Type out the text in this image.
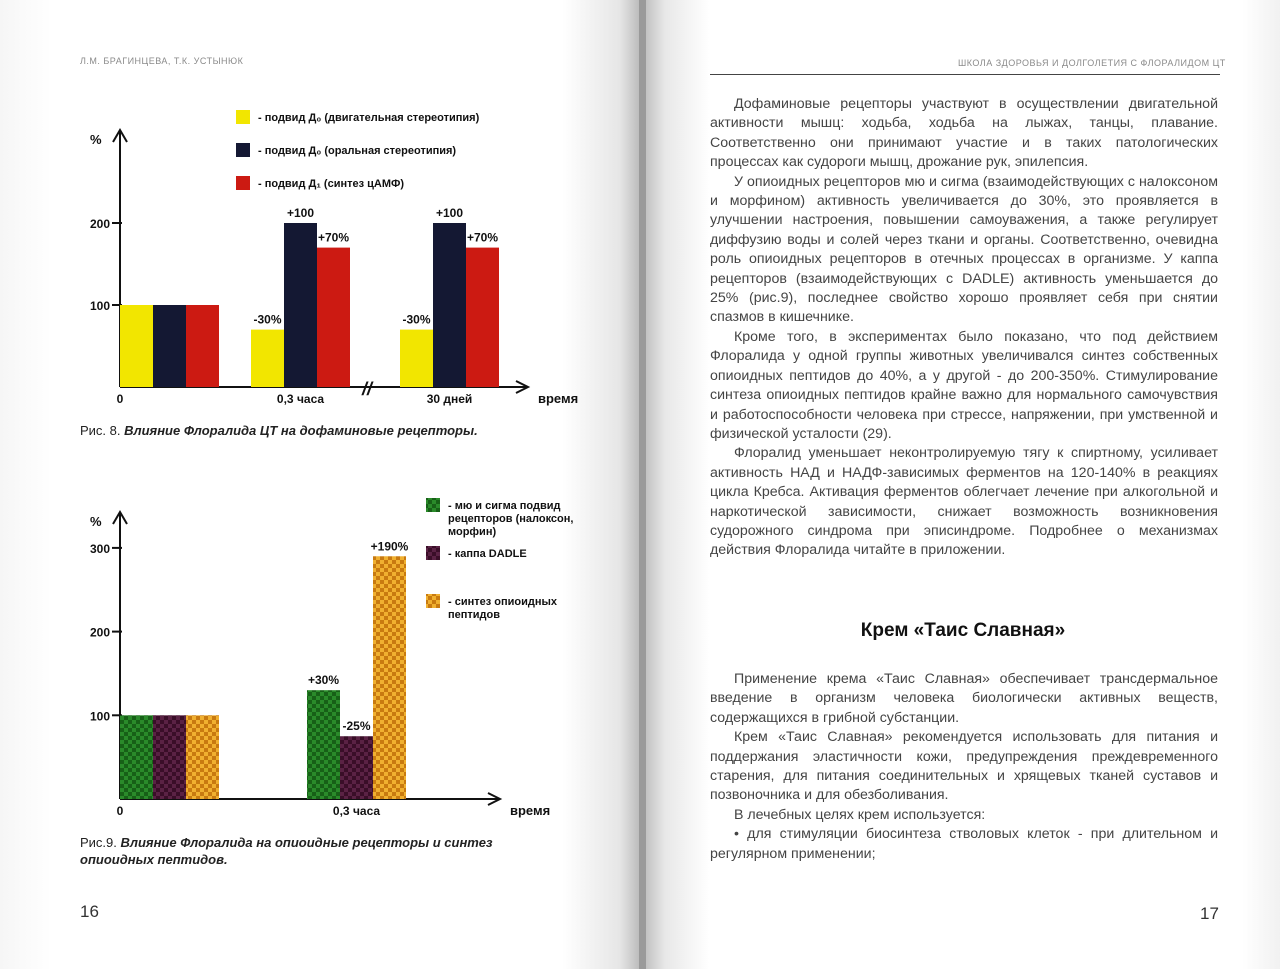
Л.М. БРАГИНЦЕВА, Т.К. УСТЫНЮК
%
время
100
200
0
-30%
+100
+70%
0,3 часа
-30%
+100
+70%
30 дней
//
- подвид Д₀ (двигательная стереотипия)
- подвид Д₀ (оральная стереотипия)
- подвид Д₁ (синтез цАМФ)
Рис. 8. Влияние Флоралида ЦТ на дофаминовые рецепторы.
%
время
100
200
300
0
+30%
-25%
+190%
0,3 часа
- мю и сигма подвид
рецепторов (налоксон,
морфин)
- каппа DADLE
- синтез опиоидных
пептидов
Рис.9. Влияние Флоралида на опиоидные рецепторы и синтез
опиоидных пептидов.
16
ШКОЛА ЗДОРОВЬЯ И ДОЛГОЛЕТИЯ С ФЛОРАЛИДОМ ЦТ

Дофаминовые рецепторы участвуют в осуществлении двигательной активности мышц: ходьба, ходьба на лыжах, танцы, плавание. Соответственно они принимают участие и в таких патологических процессах как судороги мышц, дрожание рук, эпилепсия.

У опиоидных рецепторов мю и сигма (взаимодействующих с налоксоном и морфином) активность увеличивается до 30%, это проявляется в улучшении настроения, повышении самоуважения, а также регулирует диффузию воды и солей через ткани и органы. Соответственно, очевидна роль опиоидных рецепторов в отечных процессах в организме. У каппа рецепторов (взаимодействующих с DADLE) активность уменьшается до 25% (рис.9), последнее свойство хорошо проявляет себя при снятии спазмов в кишечнике.

Кроме того, в экспериментах было показано, что под действием Флоралида у одной группы животных увеличивался синтез собственных опиоидных пептидов до 40%, а у другой - до 200-350%. Стимулирование синтеза опиоидных пептидов крайне важно для нормального самочувствия и работоспособности человека при стрессе, напряжении, при умственной и физической усталости (29).

Флоралид уменьшает неконтролируемую тягу к спиртному, усиливает активность НАД и НАДФ-зависимых ферментов на 120-140% в реакциях цикла Кребса. Активация ферментов облегчает лечение при алкогольной и наркотической зависимости, снижает возможность возникновения судорожного синдрома при эписиндроме. Подробнее о механизмах действия Флоралида читайте в приложении.

Крем «Таис Славная»

Применение крема «Таис Славная» обеспечивает трансдермальное введение в организм человека биологически активных веществ, содержащихся в грибной субстанции.

Крем «Таис Славная» рекомендуется использовать для питания и поддержания эластичности кожи, предупреждения преждевременного старения, для питания соединительных и хрящевых тканей суставов и позвоночника и для обезболивания.

В лечебных целях крем используется:

• для стимуляции биосинтеза стволовых клеток - при длительном и регулярном применении;

17
